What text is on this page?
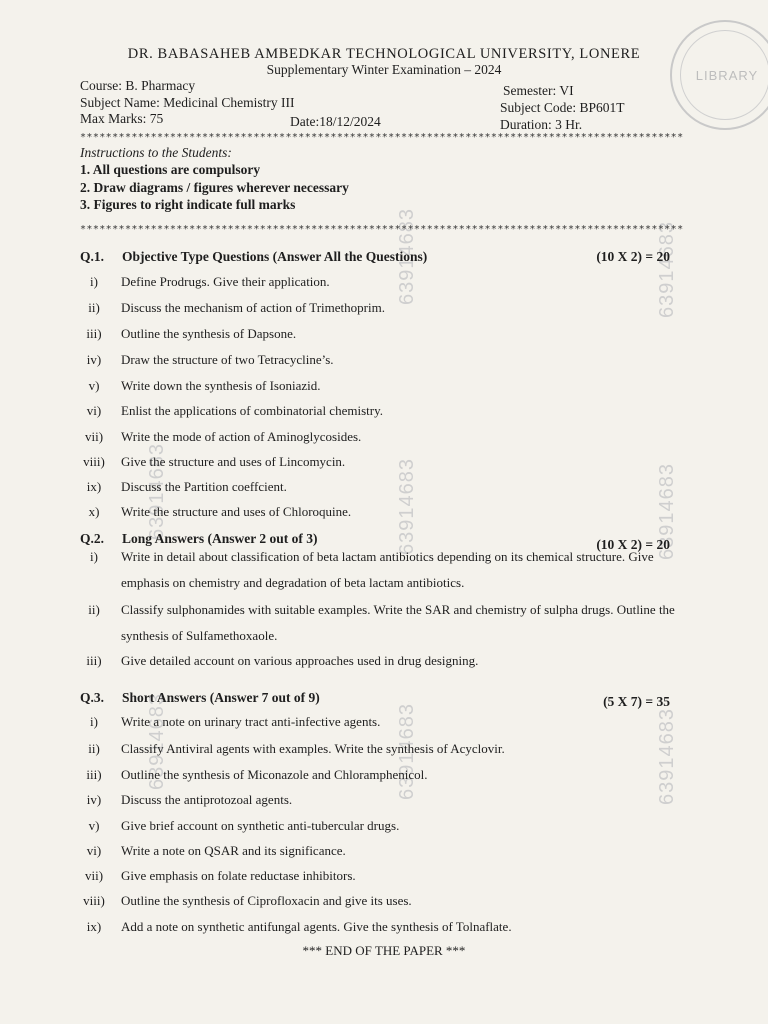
LIBRARY
63914683	63914683
63914683	63914683	63914683
63914683	63914683	63914683
DR. BABASAHEB AMBEDKAR TECHNOLOGICAL UNIVERSITY, LONERE
Supplementary Winter Examination – 2024
Course: B. Pharmacy	Semester: VI
Subject Name: Medicinal Chemistry III	Subject Code: BP601T
Max Marks: 75	Date:18/12/2024	Duration: 3 Hr.
**********************************************************************************************
Instructions to the Students:
1. All questions are compulsory
2. Draw diagrams / figures wherever necessary
3. Figures to right indicate full marks
**********************************************************************************************
Q.1. Objective Type Questions (Answer All the Questions)	(10 X 2) = 20
i)	Define Prodrugs. Give their application.
ii)	Discuss the mechanism of action of Trimethoprim.
iii)	Outline the synthesis of Dapsone.
iv)	Draw the structure of two Tetracycline’s.
v)	Write down the synthesis of Isoniazid.
vi)	Enlist the applications of combinatorial chemistry.
vii)	Write the mode of action of Aminoglycosides.
viii)	Give the structure and uses of Lincomycin.
ix)	Discuss the Partition coeffcient.
x)	Write the structure and uses of Chloroquine.
Q.2. Long Answers (Answer 2 out of 3)	(10 X 2) = 20
i)	Write in detail about classification of beta lactam antibiotics depending on its chemical structure. Give emphasis on chemistry and degradation of beta lactam antibiotics.
ii)	Classify sulphonamides with suitable examples. Write the SAR and chemistry of sulpha drugs. Outline the synthesis of Sulfamethoxaole.
iii)	Give detailed account on various approaches used in drug designing.
Q.3. Short Answers (Answer 7 out of 9)	(5 X 7) = 35
i)	Write a note on urinary tract anti-infective agents.
ii)	Classify Antiviral agents with examples. Write the synthesis of Acyclovir.
iii)	Outline the synthesis of Miconazole and Chloramphenicol.
iv)	Discuss the antiprotozoal agents.
v)	Give brief account on synthetic anti-tubercular drugs.
vi)	Write a note on QSAR and its significance.
vii)	Give emphasis on folate reductase inhibitors.
viii)	Outline the synthesis of Ciprofloxacin and give its uses.
ix)	Add a note on synthetic antifungal agents. Give the synthesis of Tolnaflate.
*** END OF THE PAPER ***
